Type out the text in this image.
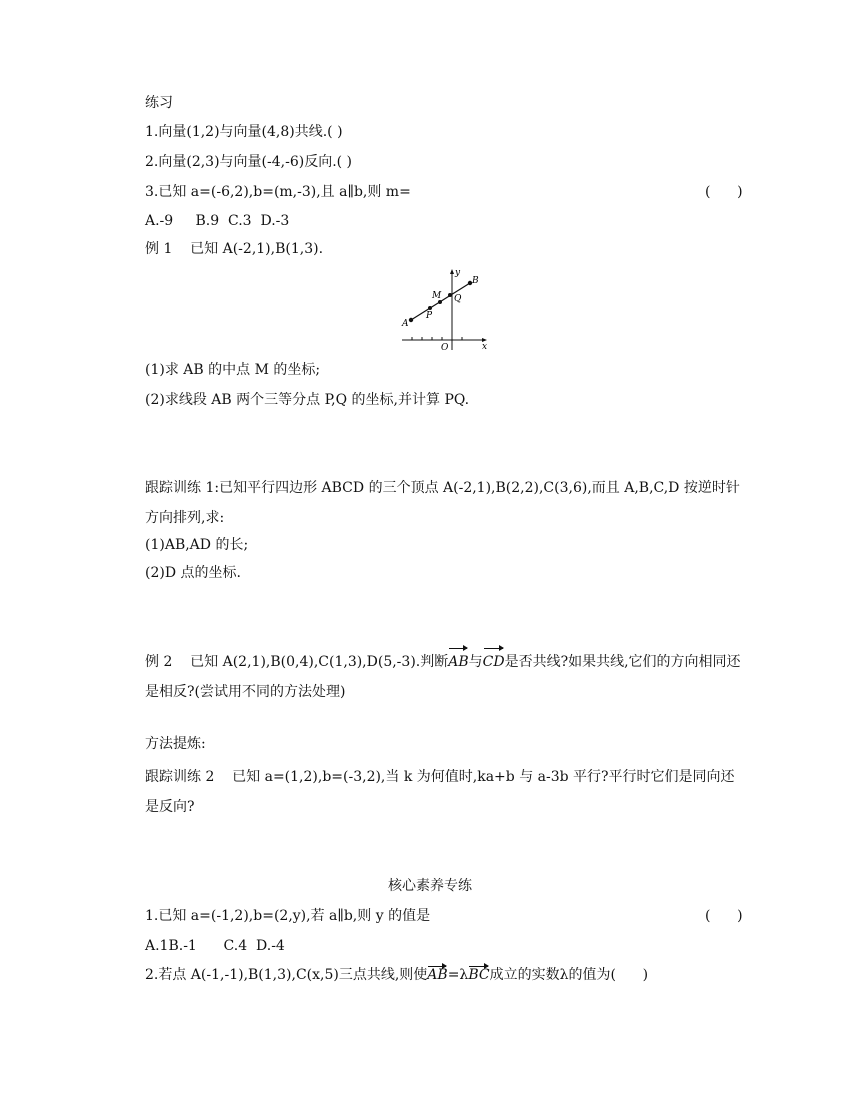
练习
1.向量(1,2)与向量(4,8)共线.( )
2.向量(2,3)与向量(-4,-6)反向.( )
3.已知 a=(-6,2),b=(m,-3),且 a∥b,则 m=	(      )
A.-9     B.9  C.3  D.-3
例 1    已知 A(-2,1),B(1,3).
A
P
M Q
B
O	x
y
(1)求 AB 的中点 M 的坐标;
(2)求线段 AB 两个三等分点 P,Q 的坐标,并计算 PQ.
跟踪训练 1:已知平行四边形 ABCD 的三个顶点 A(-2,1),B(2,2),C(3,6),而且 A,B,C,D 按逆时针方向排列,求:
(1)AB,AD 的长;
(2)D 点的坐标.
例 2    已知 A(2,1),B(0,4),C(1,3),D(5,-3).判断AB与CD是否共线?如果共线,它们的方向相同还是相反?(尝试用不同的方法处理)
方法提炼:
跟踪训练 2    已知 a=(1,2),b=(-3,2),当 k 为何值时,ka+b 与 a-3b 平行?平行时它们是同向还是反向?
核心素养专练
1.已知 a=(-1,2),b=(2,y),若 a∥b,则 y 的值是	(      )
A.1B.-1      C.4  D.-4
2.若点 A(-1,-1),B(1,3),C(x,5)三点共线,则使AB=λBC成立的实数λ的值为(      )
